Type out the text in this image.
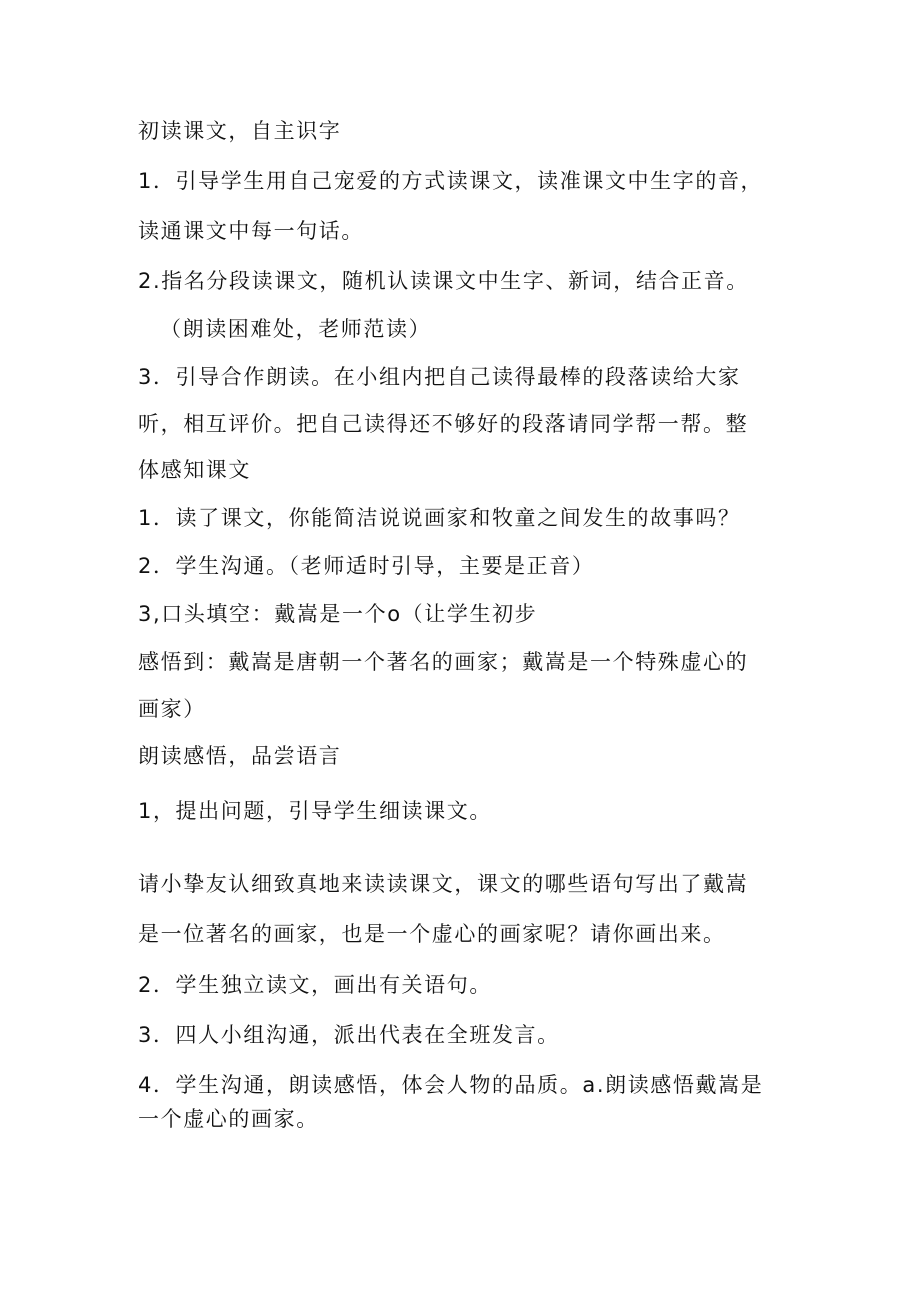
初读课文，自主识字
1．引导学生用自己宠爱的方式读课文，读准课文中生字的音，
读通课文中每一句话。
2.指名分段读课文，随机认读课文中生字、新词，结合正音。
（朗读困难处，老师范读）
3．引导合作朗读。在小组内把自己读得最棒的段落读给大家
听，相互评价。把自己读得还不够好的段落请同学帮一帮。整
体感知课文
1．读了课文，你能简洁说说画家和牧童之间发生的故事吗？
2．学生沟通。（老师适时引导，主要是正音）
3,口头填空：戴嵩是一个o（让学生初步
感悟到：戴嵩是唐朝一个著名的画家；戴嵩是一个特殊虚心的
画家）
朗读感悟，品尝语言
1，提出问题，引导学生细读课文。
请小挚友认细致真地来读读课文，课文的哪些语句写出了戴嵩
是一位著名的画家，也是一个虚心的画家呢？请你画出来。
2．学生独立读文，画出有关语句。
3．四人小组沟通，派出代表在全班发言。
4．学生沟通，朗读感悟，体会人物的品质。a.朗读感悟戴嵩是
一个虚心的画家。
